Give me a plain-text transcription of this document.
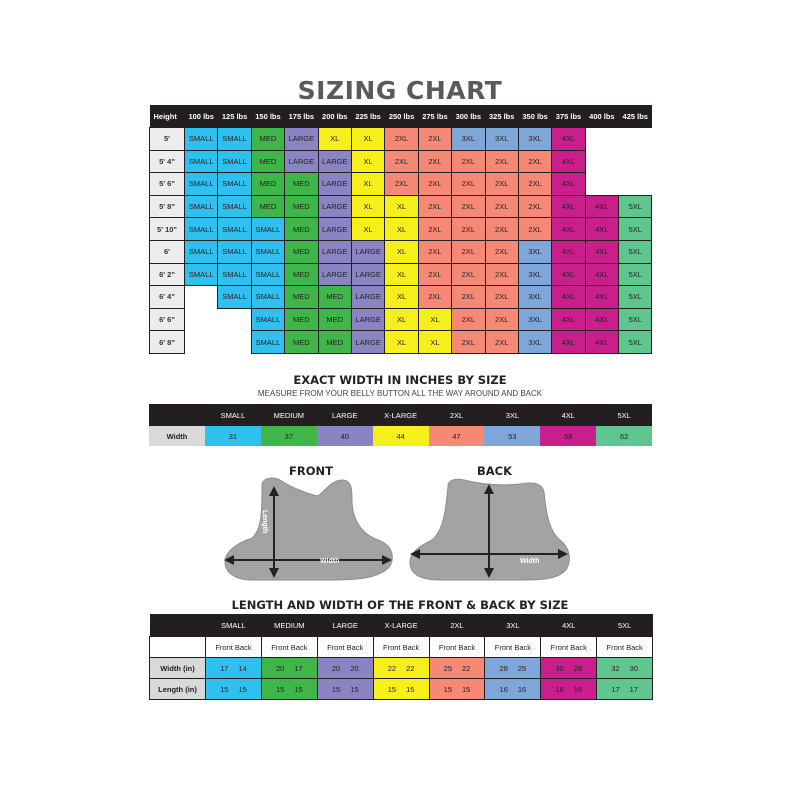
SIZING CHART
Height	100 lbs	125 lbs	150 lbs	175 lbs	200 lbs	225 lbs	250 lbs	275 lbs	300 lbs	325 lbs	350 lbs	375 lbs	400 lbs	425 lbs
5'	SMALL	SMALL	MED	LARGE	XL	XL	2XL	2XL	3XL	3XL	3XL	4XL		
5' 4"	SMALL	SMALL	MED	LARGE	LARGE	XL	2XL	2XL	2XL	2XL	2XL	4XL		
5' 6"	SMALL	SMALL	MED	MED	LARGE	XL	2XL	2XL	2XL	2XL	2XL	4XL		
5' 8"	SMALL	SMALL	MED	MED	LARGE	XL	XL	2XL	2XL	2XL	2XL	4XL	4XL	5XL
5' 10"	SMALL	SMALL	SMALL	MED	LARGE	XL	XL	2XL	2XL	2XL	2XL	4XL	4XL	5XL
6'	SMALL	SMALL	SMALL	MED	LARGE	LARGE	XL	2XL	2XL	2XL	3XL	4XL	4XL	5XL
6' 2"	SMALL	SMALL	SMALL	MED	LARGE	LARGE	XL	2XL	2XL	2XL	3XL	4XL	4XL	5XL
6' 4"		SMALL	SMALL	MED	MED	LARGE	XL	2XL	2XL	2XL	3XL	4XL	4XL	5XL
6' 6"			SMALL	MED	MED	LARGE	XL	XL	2XL	2XL	3XL	4XL	4XL	5XL
6' 8"			SMALL	MED	MED	LARGE	XL	XL	2XL	2XL	3XL	4XL	4XL	5XL
EXACT WIDTH IN INCHES BY SIZE
MEASURE FROM YOUR BELLY BUTTON ALL THE WAY AROUND AND BACK
	SMALL	MEDIUM	LARGE	X-LARGE	2XL	3XL	4XL	5XL
Width	31	37	40	44	47	53	58	62
FRONT	BACK
Length
Width	Width
LENGTH AND WIDTH OF THE FRONT & BACK BY SIZE
	SMALL	MEDIUM	LARGE	X-LARGE	2XL	3XL	4XL	5XL
	Front Back	Front Back	Front Back	Front Back	Front Back	Front Back	Front Back	Front Back
Width (in)	17 14	20 17	20 20	22 22	25 22	28 25	30 28	32 30
Length (in)	15 15	15 15	15 15	15 15	15 15	16 16	16 16	17 17
